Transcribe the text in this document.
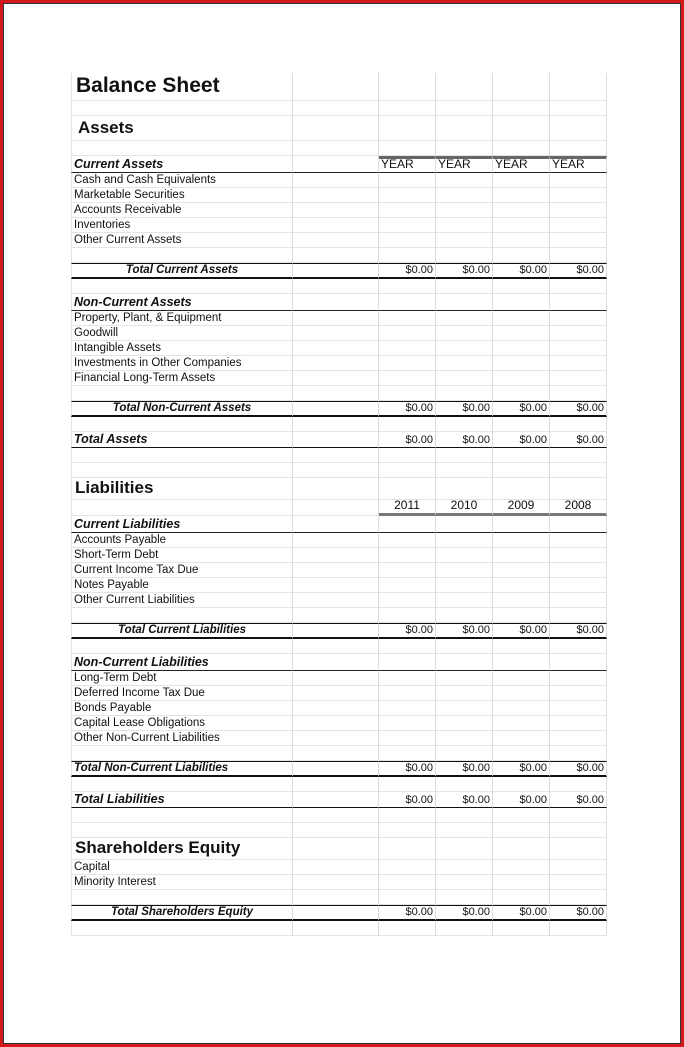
Balance Sheet
Assets
Current Assets	YEAR	YEAR	YEAR	YEAR
Cash and Cash Equivalents
Marketable Securities
Accounts Receivable
Inventories
Other Current Assets
Total Current Assets	$0.00	$0.00	$0.00	$0.00
Non-Current Assets
Property, Plant, & Equipment
Goodwill
Intangible Assets
Investments in Other Companies
Financial Long-Term Assets
Total Non-Current Assets	$0.00	$0.00	$0.00	$0.00
Total Assets	$0.00	$0.00	$0.00	$0.00
Liabilities
2011	2010	2009	2008
Current Liabilities
Accounts Payable
Short-Term Debt
Current Income Tax Due
Notes Payable
Other Current Liabilities
Total Current Liabilities	$0.00	$0.00	$0.00	$0.00
Non-Current Liabilities
Long-Term Debt
Deferred Income Tax Due
Bonds Payable
Capital Lease Obligations
Other Non-Current Liabilities
Total Non-Current Liabilities	$0.00	$0.00	$0.00	$0.00
Total Liabilities	$0.00	$0.00	$0.00	$0.00
Shareholders Equity
Capital
Minority Interest
Total Shareholders Equity	$0.00	$0.00	$0.00	$0.00
